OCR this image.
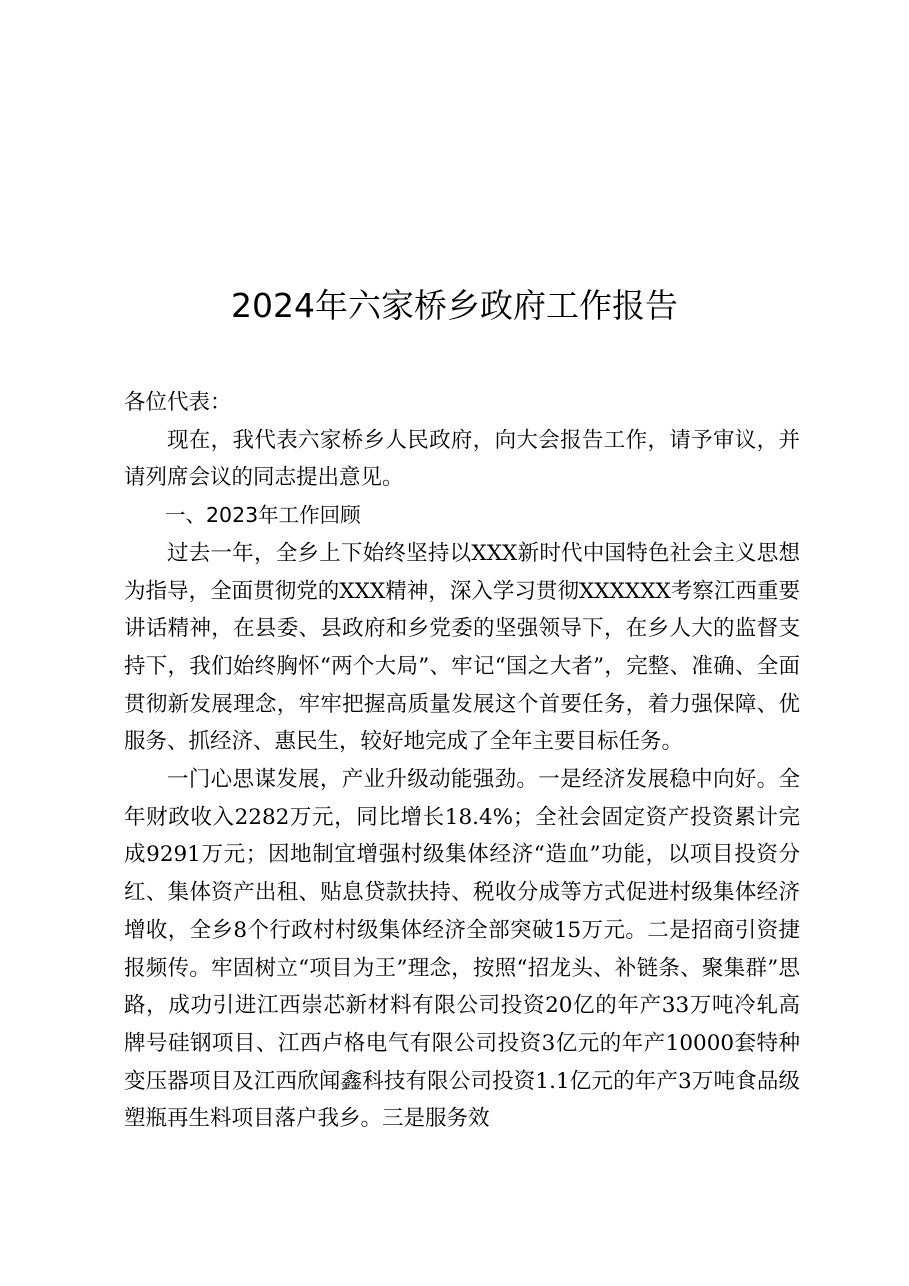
2024年六家桥乡政府工作报告

各位代表：

现在，我代表六家桥乡人民政府，向大会报告工作，请予审议，并请列席会议的同志提出意见。

一、2023年工作回顾

过去一年，全乡上下始终坚持以XXX新时代中国特色社会主义思想为指导，全面贯彻党的XXX精神，深入学习贯彻XXXXXX考察江西重要讲话精神，在县委、县政府和乡党委的坚强领导下，在乡人大的监督支持下，我们始终胸怀“两个大局”、牢记“国之大者”，完整、准确、全面贯彻新发展理念，牢牢把握高质量发展这个首要任务，着力强保障、优服务、抓经济、惠民生，较好地完成了全年主要目标任务。

一门心思谋发展，产业升级动能强劲。一是经济发展稳中向好。全年财政收入2282万元，同比增长18.4%；全社会固定资产投资累计完成9291万元；因地制宜增强村级集体经济“造血”功能，以项目投资分红、集体资产出租、贴息贷款扶持、税收分成等方式促进村级集体经济增收，全乡8个行政村村级集体经济全部突破15万元。二是招商引资捷报频传。牢固树立“项目为王”理念，按照“招龙头、补链条、聚集群”思路，成功引进江西崇芯新材料有限公司投资20亿的年产33万吨冷轧高牌号硅钢项目、江西卢格电气有限公司投资3亿元的年产10000套特种变压器项目及江西欣闻鑫科技有限公司投资1.1亿元的年产3万吨食品级塑瓶再生料项目落户我乡。三是服务效
